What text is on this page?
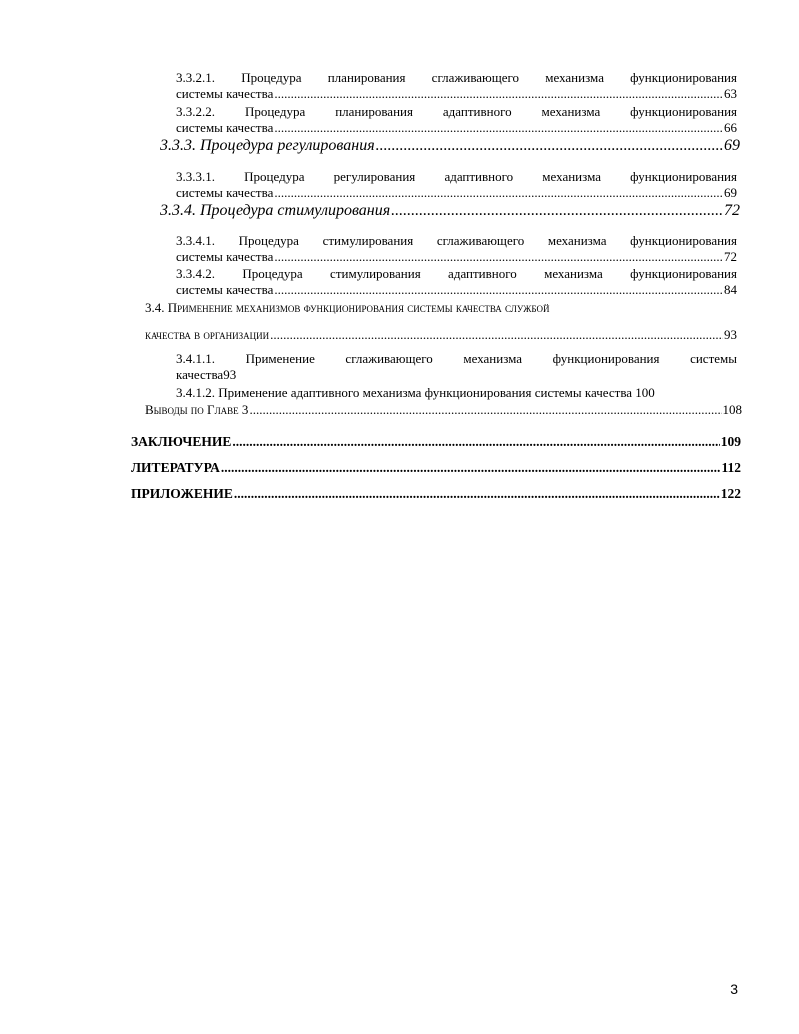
3.3.2.1. Процедура планирования сглаживающего механизма функционирования
системы качества .....	63
3.3.2.2. Процедура планирования адаптивного механизма функционирования
системы качества .....	66
3.3.3. Процедура регулирования .....	69
3.3.3.1. Процедура регулирования адаптивного механизма функционирования
системы качества .....	69
3.3.4. Процедура стимулирования .....	72
3.3.4.1. Процедура стимулирования сглаживающего механизма функционирования
системы качества .....	72
3.3.4.2. Процедура стимулирования адаптивного механизма функционирования
системы качества .....	84
3.4. Применение механизмов функционирования системы качества службой
качества в организации .....	93
3.4.1.1. Применение сглаживающего механизма функционирования системы
качества93
3.4.1.2. Применение адаптивного механизма функционирования системы качества 100
Выводы по Главе 3 .....	108
ЗАКЛЮЧЕНИЕ .....	109
ЛИТЕРАТУРА .....	112
ПРИЛОЖЕНИЕ .....	122
3
